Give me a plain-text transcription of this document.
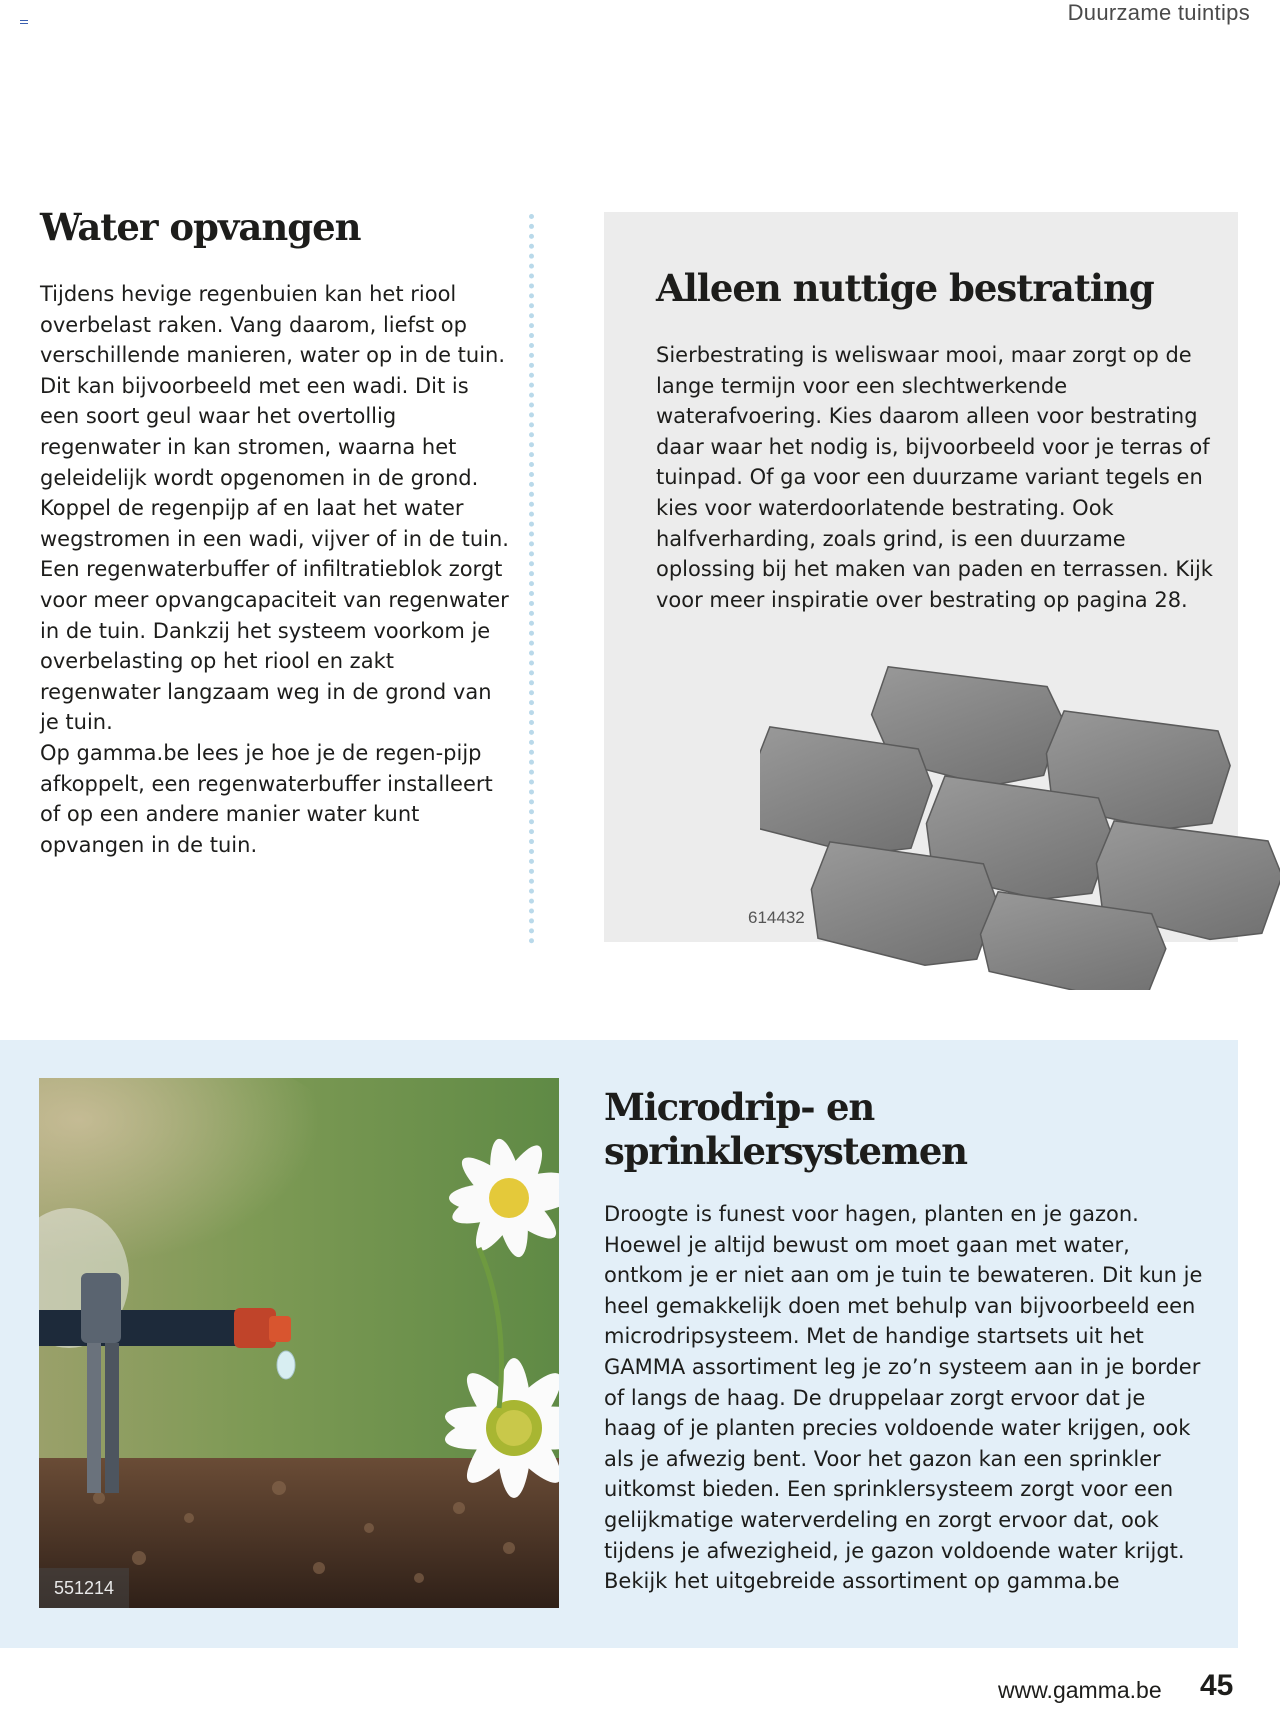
Duurzame tuintips
Water opvangen

Tijdens hevige regenbuien kan het riool overbelast raken. Vang daarom, liefst op verschillende manieren, water op in de tuin. Dit kan bijvoorbeeld met een wadi. Dit is een soort geul waar het overtollig regenwater in kan stromen, waarna het geleidelijk wordt opgenomen in de grond. Koppel de regenpijp af en laat het water wegstromen in een wadi, vijver of in de tuin. Een regenwaterbuffer of infiltratieblok zorgt voor meer opvangcapaciteit van regenwater in de tuin. Dankzij het systeem voorkom je overbelasting op het riool en zakt regenwater langzaam weg in de grond van je tuin.

Op gamma.be lees je hoe je de regen-pijp afkoppelt, een regenwaterbuffer installeert of op een andere manier water kunt opvangen in de tuin.

Alleen nuttige bestrating
Sierbestrating is weliswaar mooi, maar zorgt op de lange termijn voor een slechtwerkende waterafvoering. Kies daarom alleen voor bestrating daar waar het nodig is, bijvoorbeeld voor je terras of tuinpad. Of ga voor een duurzame variant tegels en kies voor waterdoorlatende bestrating. Ook halfverharding, zoals grind, is een duurzame oplossing bij het maken van paden en terrassen. Kijk voor meer inspiratie over bestrating op pagina 28.
614432
551214
Microdrip- en sprinklersystemen
Droogte is funest voor hagen, planten en je gazon. Hoewel je altijd bewust om moet gaan met water, ontkom je er niet aan om je tuin te bewateren. Dit kun je heel gemakkelijk doen met behulp van bijvoorbeeld een microdripsysteem. Met de handige startsets uit het GAMMA assortiment leg je zo’n systeem aan in je border of langs de haag. De druppelaar zorgt ervoor dat je haag of je planten precies voldoende water krijgen, ook als je afwezig bent. Voor het gazon kan een sprinkler uitkomst bieden. Een sprinklersysteem zorgt voor een gelijkmatige waterverdeling en zorgt ervoor dat, ook tijdens je afwezigheid, je gazon voldoende water krijgt. Bekijk het uitgebreide assortiment op gamma.be
www.gamma.be 45
